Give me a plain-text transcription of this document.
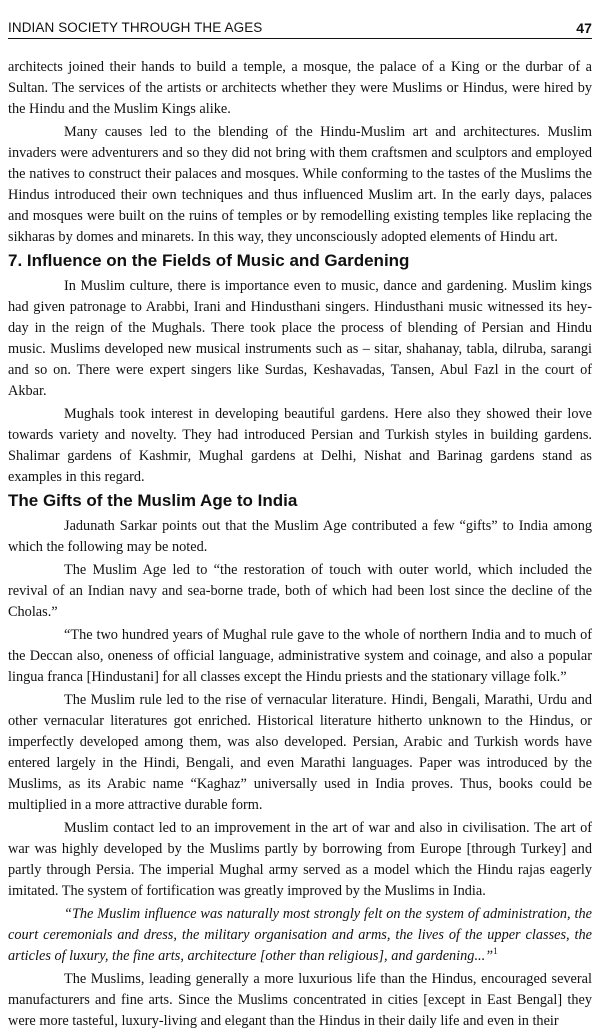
INDIAN SOCIETY THROUGH THE AGES	47

architects joined their hands to build a temple, a mosque, the palace of a King or the durbar of a Sultan. The services of the artists or architects whether they were Muslims or Hindus, were hired by the Hindu and the Muslim Kings alike.

Many causes led to the blending of the Hindu-Muslim art and architectures. Muslim invaders were adventurers and so they did not bring with them craftsmen and sculptors and employed the natives to construct their palaces and mosques. While conforming to the tastes of the Muslims the Hindus introduced their own techniques and thus influenced Muslim art. In the early days, palaces and mosques were built on the ruins of temples or by remodelling existing temples like replacing the sikharas by domes and minarets. In this way, they unconsciously adopted elements of Hindu art.

7. Influence on the Fields of Music and Gardening

In Muslim culture, there is importance even to music, dance and gardening. Muslim kings had given patronage to Arabbi, Irani and Hindusthani singers. Hindusthani music witnessed its hey-day in the reign of the Mughals. There took place the process of blending of Persian and Hindu music. Muslims developed new musical instruments such as – sitar, shahanay, tabla, dilruba, sarangi and so on. There were expert singers like Surdas, Keshavadas, Tansen, Abul Fazl in the court of Akbar.

Mughals took interest in developing beautiful gardens. Here also they showed their love towards variety and novelty. They had introduced Persian and Turkish styles in building gardens. Shalimar gardens of Kashmir, Mughal gardens at Delhi, Nishat and Barinag gardens stand as examples in this regard.

The Gifts of the Muslim Age to India

Jadunath Sarkar points out that the Muslim Age contributed a few “gifts” to India among which the following may be noted.

The Muslim Age led to “the restoration of touch with outer world, which included the revival of an Indian navy and sea-borne trade, both of which had been lost since the decline of the Cholas.”

“The two hundred years of Mughal rule gave to the whole of northern India and to much of the Deccan also, oneness of official language, administrative system and coinage, and also a popular lingua franca [Hindustani] for all classes except the Hindu priests and the stationary village folk.”

The Muslim rule led to the rise of vernacular literature. Hindi, Bengali, Marathi, Urdu and other vernacular literatures got enriched. Historical literature hitherto unknown to the Hindus, or imperfectly developed among them, was also developed. Persian, Arabic and Turkish words have entered largely in the Hindi, Bengali, and even Marathi languages. Paper was introduced by the Muslims, as its Arabic name “Kaghaz” universally used in India proves. Thus, books could be multiplied in a more attractive durable form.

Muslim contact led to an improvement in the art of war and also in civilisation. The art of war was highly developed by the Muslims partly by borrowing from Europe [through Turkey] and partly through Persia. The imperial Mughal army served as a model which the Hindu rajas eagerly imitated. The system of fortification was greatly improved by the Muslims in India.

“The Muslim influence was naturally most strongly felt on the system of administration, the court ceremonials and dress, the military organisation and arms, the lives of the upper classes, the articles of luxury, the fine arts, architecture [other than religious], and gardening...”$^1$

The Muslims, leading generally a more luxurious life than the Hindus, encouraged several manufacturers and fine arts. Since the Muslims concentrated in cities [except in East Bengal] they were more tasteful, luxury-living and elegant than the Hindus in their daily life and even in their
